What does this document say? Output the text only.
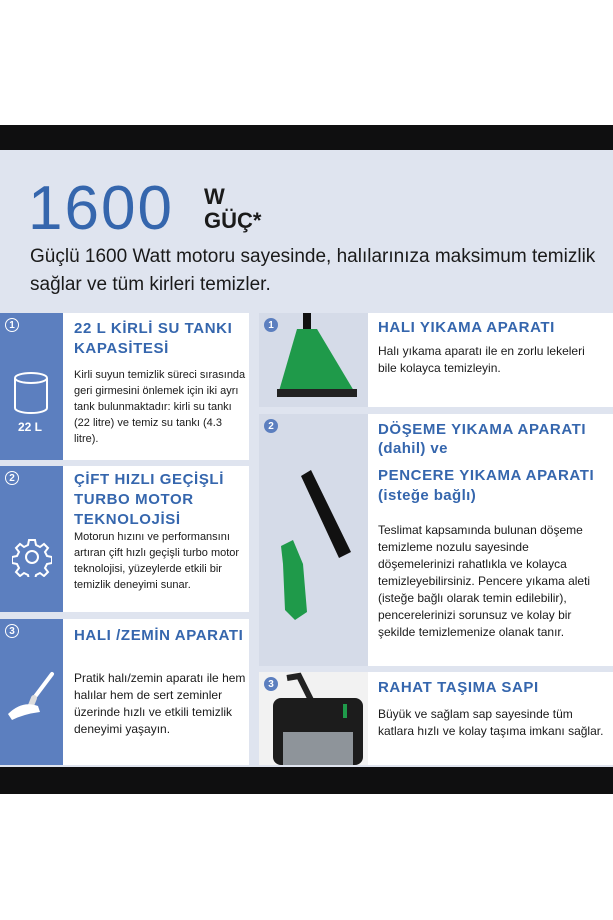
1600 W
GÜÇ*
Güçlü 1600 Watt motoru sayesinde, halılarınıza maksimum temizlik sağlar ve tüm kirleri temizler.
1
22 L
22 L KİRLİ SU TANKI KAPASİTESİ
Kirli suyun temizlik süreci sırasında geri girmesini önlemek için iki ayrı tank bulunmaktadır: kirli su tankı (22 litre) ve temiz su tankı (4.3 litre).
2	ÇİFT HIZLI GEÇİŞLİ TURBO MOTOR TEKNOLOJİSİ
Motorun hızını ve performansını artıran çift hızlı geçişli turbo motor teknolojisi, yüzeylerde etkili bir temizlik deneyimi sunar.
3	HALI /ZEMİN APARATI
Pratik halı/zemin aparatı ile hem halılar hem de sert zeminler üzerinde hızlı ve etkili temizlik deneyimi yaşayın.
1	HALI YIKAMA APARATI
Halı yıkama aparatı ile en zorlu lekeleri bile kolayca temizleyin.
2	DÖŞEME YIKAMA APARATI
(dahil) ve
PENCERE YIKAMA APARATI
(isteğe bağlı)
Teslimat kapsamında bulunan döşeme temizleme nozulu sayesinde döşemelerinizi rahatlıkla ve kolayca temizleyebilirsiniz. Pencere yıkama aleti (isteğe bağlı olarak temin edilebilir), pencerelerinizi sorunsuz ve kolay bir şekilde temizlemenize olanak tanır.
3	RAHAT TAŞIMA SAPI
Büyük ve sağlam sap sayesinde tüm katlara hızlı ve kolay taşıma imkanı sağlar.
